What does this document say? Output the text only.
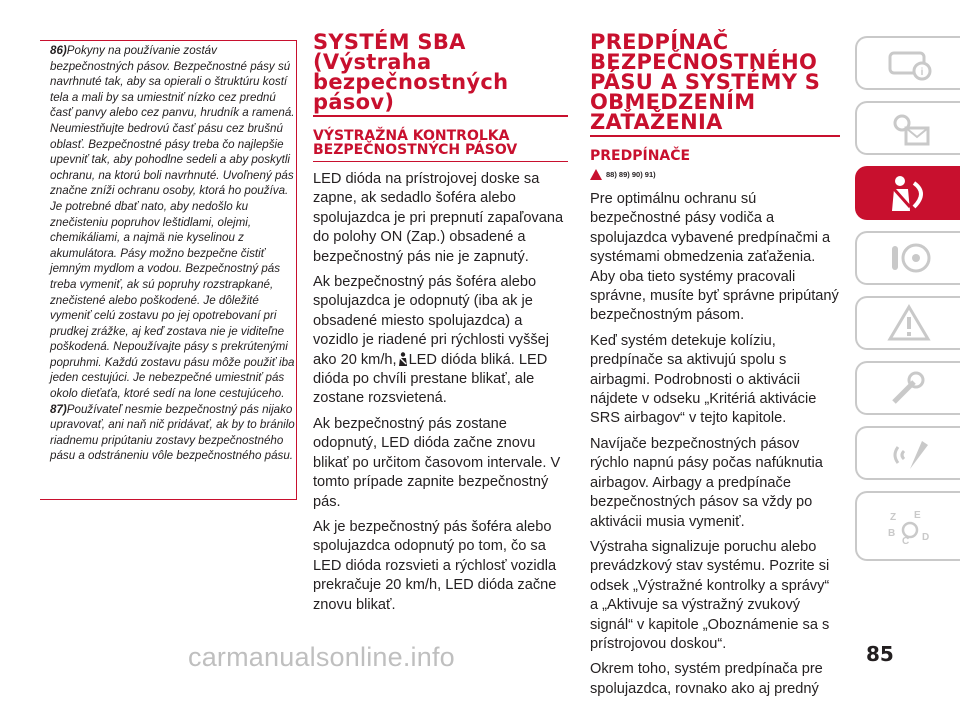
86)Pokyny na používanie zostáv bezpečnostných pásov. Bezpečnostné pásy sú navrhnuté tak, aby sa opierali o štruktúru kostí tela a mali by sa umiestniť nízko cez prednú časť panvy alebo cez panvu, hrudník a ramená. Neumiestňujte bedrovú časť pásu cez brušnú oblasť. Bezpečnostné pásy treba čo najlepšie upevniť tak, aby pohodlne sedeli a aby poskytli ochranu, na ktorú boli navrhnuté. Uvoľnený pás značne zníži ochranu osoby, ktorá ho používa. Je potrebné dbať nato, aby nedošlo ku znečisteniu popruhov leštidlami, olejmi, chemikáliami, a najmä nie kyselinou z akumulátora. Pásy možno bezpečne čistiť jemným mydlom a vodou. Bezpečnostný pás treba vymeniť, ak sú popruhy rozstrapkané, znečistené alebo poškodené. Je dôležité vymeniť celú zostavu po jej opotrebovaní pri prudkej zrážke, aj keď zostava nie je viditeľne poškodená. Nepoužívajte pásy s prekrútenými popruhmi. Každú zostavu pásu môže použiť iba jeden cestujúci. Je nebezpečné umiestniť pás okolo dieťaťa, ktoré sedí na lone cestujúceho.

87)Používateľ nesmie bezpečnostný pás nijako upravovať, ani naň nič pridávať, ak by to bránilo riadnemu pripútaniu zostavy bezpečnostného pásu a odstráneniu vôle bezpečnostného pásu.

SYSTÉM SBA (Výstraha bezpečnostných pásov)
VÝSTRAŽNÁ KONTROLKA BEZPEČNOSTNÝCH PÁSOV

LED dióda na prístrojovej doske sa zapne, ak sedadlo šoféra alebo spolujazdca je pri prepnutí zapaľovana do polohy ON (Zap.) obsadené a bezpečnostný pás nie je zapnutý.

Ak bezpečnostný pás šoféra alebo spolujazdca je odopnutý (iba ak je obsadené miesto spolujazdca) a vozidlo je riadené pri rýchlosti vyššej ako 20 km/h, LED dióda bliká. LED dióda po chvíli prestane blikať, ale zostane rozsvietená.

Ak bezpečnostný pás zostane odopnutý, LED dióda začne znovu blikať po určitom časovom intervale. V tomto prípade zapnite bezpečnostný pás.

Ak je bezpečnostný pás šoféra alebo spolujazdca odopnutý po tom, čo sa LED dióda rozsvieti a rýchlosť vozidla prekračuje 20 km/h, LED dióda začne znovu blikať.

PREDPÍNAČ BEZPEČNOSTNÉHO PÁSU A SYSTÉMY S OBMEDZENÍM ZAŤAŽENIA
PREDPÍNAČE
88) 89) 90) 91)

Pre optimálnu ochranu sú bezpečnostné pásy vodiča a spolujazdca vybavené predpínačmi a systémami obmedzenia zaťaženia. Aby oba tieto systémy pracovali správne, musíte byť správne pripútaný bezpečnostným pásom.

Keď systém detekuje kolíziu, predpínače sa aktivujú spolu s airbagmi. Podrobnosti o aktivácii nájdete v odseku „Kritériá aktivácie SRS airbagov“ v tejto kapitole.

Navíjače bezpečnostných pásov rýchlo napnú pásy počas nafúknutia airbagov. Airbagy a predpínače bezpečnostných pásov sa vždy po aktivácii musia vymeniť.

Výstraha signalizuje poruchu alebo prevádzkový stav systému. Pozrite si odsek „Výstražné kontrolky a správy“ a „Aktivuje sa výstražný zvukový signál“ v kapitole „Oboznámenie sa s prístrojovou doskou“.

Okrem toho, systém predpínača pre spolujazdca, rovnako ako aj predný

i
Z E
B
C D
85
carmanualsonline.info
